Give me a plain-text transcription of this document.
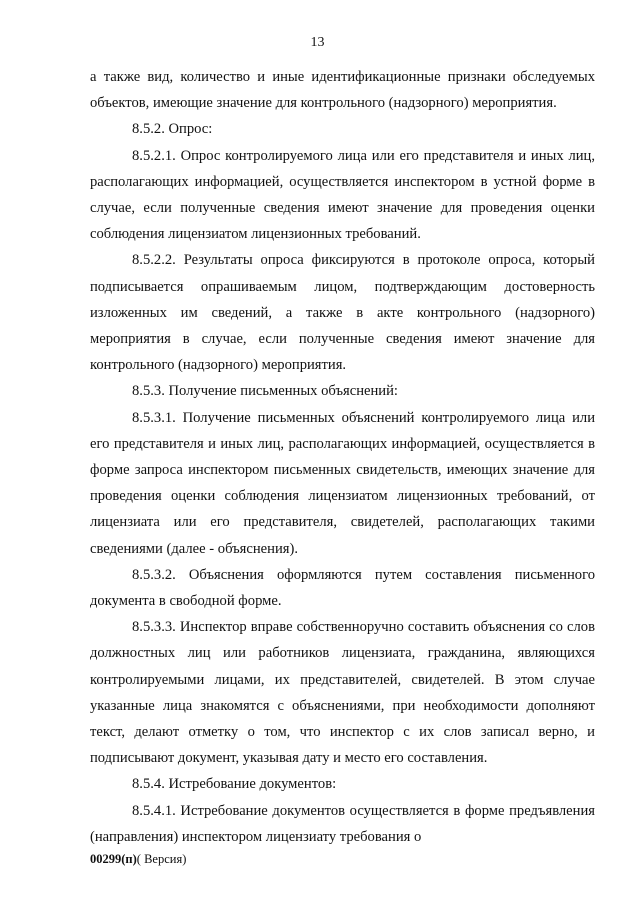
13

а также вид, количество и иные идентификационные признаки обследуемых объектов, имеющие значение для контрольного (надзорного) мероприятия.

8.5.2. Опрос:

8.5.2.1. Опрос контролируемого лица или его представителя и иных лиц, располагающих информацией, осуществляется инспектором в устной форме в случае, если полученные сведения имеют значение для проведения оценки соблюдения лицензиатом лицензионных требований.

8.5.2.2. Результаты опроса фиксируются в протоколе опроса, который подписывается опрашиваемым лицом, подтверждающим достоверность изложенных им сведений, а также в акте контрольного (надзорного) мероприятия в случае, если полученные сведения имеют значение для контрольного (надзорного) мероприятия.

8.5.3. Получение письменных объяснений:

8.5.3.1. Получение письменных объяснений контролируемого лица или его представителя и иных лиц, располагающих информацией, осуществляется в форме запроса инспектором письменных свидетельств, имеющих значение для проведения оценки соблюдения лицензиатом лицензионных требований, от лицензиата или его представителя, свидетелей, располагающих такими сведениями (далее - объяснения).

8.5.3.2. Объяснения оформляются путем составления письменного документа в свободной форме.

8.5.3.3. Инспектор вправе собственноручно составить объяснения со слов должностных лиц или работников лицензиата, гражданина, являющихся контролируемыми лицами, их представителей, свидетелей. В этом случае указанные лица знакомятся с объяснениями, при необходимости дополняют текст, делают отметку о том, что инспектор с их слов записал верно, и подписывают документ, указывая дату и место его составления.

8.5.4. Истребование документов:

8.5.4.1. Истребование документов осуществляется в форме предъявления (направления) инспектором лицензиату требования о

00299(п)( Версия)
